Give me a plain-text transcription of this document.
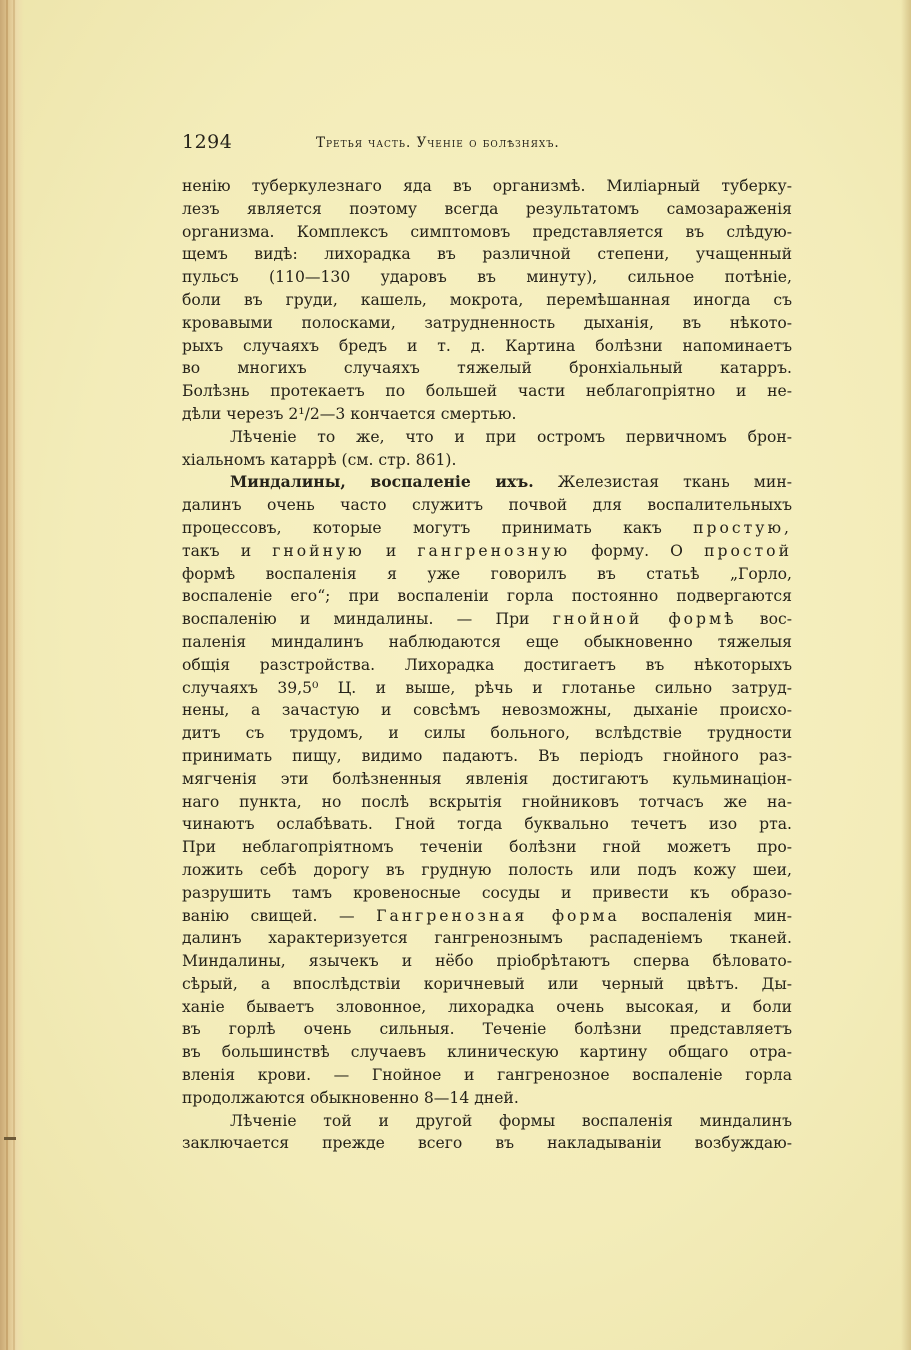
1294	Третья часть. Ученіе о болѣзняхъ.
ненію туберкулезнаго яда въ организмѣ. Миліарный туберку-
лезъ является поэтому всегда результатомъ самозараженія
организма. Комплексъ симптомовъ представляется въ слѣдую-
щемъ видѣ: лихорадка въ различной степени, учащенный
пульсъ (110—130 ударовъ въ минуту), сильное потѣніе,
боли въ груди, кашель, мокрота, перемѣшанная иногда съ
кровавыми полосками, затрудненность дыханія, въ нѣкото-
рыхъ случаяхъ бредъ и т. д. Картина болѣзни напоминаетъ
во многихъ случаяхъ тяжелый бронхіальный катарръ.
Болѣзнь протекаетъ по большей части неблагопріятно и не-
дѣли черезъ 2¹/2—3 кончается смертью.
Лѣченіе то же, что и при остромъ первичномъ брон-
хіальномъ катаррѣ (см. стр. 861).
Миндалины, воспаленіе ихъ. Железистая ткань мин-
далинъ очень часто служитъ почвой для воспалительныхъ
процессовъ, которые могутъ принимать какъ простую,
такъ и гнойную и гангренозную форму. О простой
формѣ воспаленія я уже говорилъ въ статьѣ „Горло,
воспаленіе его“; при воспаленіи горла постоянно подвергаются
воспаленію и миндалины. — При гнойной формѣ вос-
паленія миндалинъ наблюдаются еще обыкновенно тяжелыя
общія разстройства. Лихорадка достигаетъ въ нѣкоторыхъ
случаяхъ 39,5⁰ Ц. и выше, рѣчь и глотанье сильно затруд-
нены, а зачастую и совсѣмъ невозможны, дыханіе происхо-
дитъ съ трудомъ, и силы больного, вслѣдствіе трудности
принимать пищу, видимо падаютъ. Въ періодъ гнойного раз-
мягченія эти болѣзненныя явленія достигаютъ кульминаціон-
наго пункта, но послѣ вскрытія гнойниковъ тотчасъ же на-
чинаютъ ослабѣвать. Гной тогда буквально течетъ изо рта.
При неблагопріятномъ теченіи болѣзни гной можетъ про-
ложить себѣ дорогу въ грудную полость или подъ кожу шеи,
разрушить тамъ кровеносные сосуды и привести къ образо-
ванію свищей. — Гангренозная форма воспаленія мин-
далинъ характеризуется гангренознымъ распаденіемъ тканей.
Миндалины, язычекъ и нёбо пріобрѣтаютъ сперва бѣловато-
сѣрый, а впослѣдствіи коричневый или черный цвѣтъ. Ды-
ханіе бываетъ зловонное, лихорадка очень высокая, и боли
въ горлѣ очень сильныя. Теченіе болѣзни представляетъ
въ большинствѣ случаевъ клиническую картину общаго отра-
вленія крови. — Гнойное и гангренозное воспаленіе горла
продолжаются обыкновенно 8—14 дней.
Лѣченіе той и другой формы воспаленія миндалинъ
заключается прежде всего въ накладываніи возбуждаю-
